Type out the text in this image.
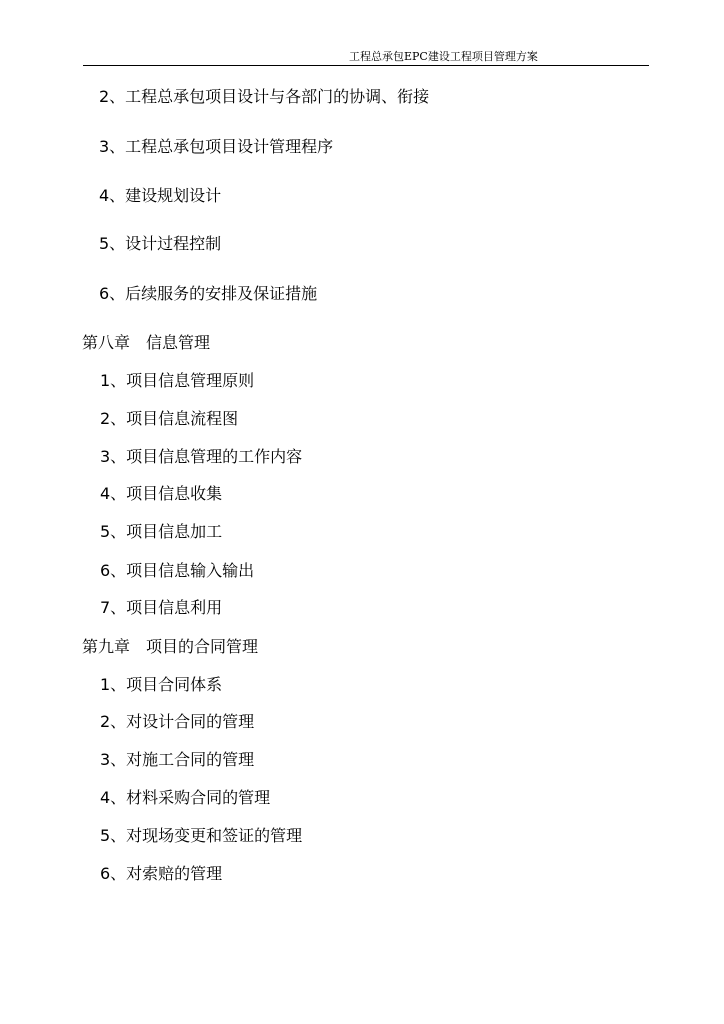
工程总承包EPC建设工程项目管理方案
2、工程总承包项目设计与各部门的协调、衔接
3、工程总承包项目设计管理程序
4、建设规划设计
5、设计过程控制
6、后续服务的安排及保证措施
第八章 信息管理
1、项目信息管理原则
2、项目信息流程图
3、项目信息管理的工作内容
4、项目信息收集
5、项目信息加工
6、项目信息输入输出
7、项目信息利用
第九章 项目的合同管理
1、项目合同体系
2、对设计合同的管理
3、对施工合同的管理
4、材料采购合同的管理
5、对现场变更和签证的管理
6、对索赔的管理
